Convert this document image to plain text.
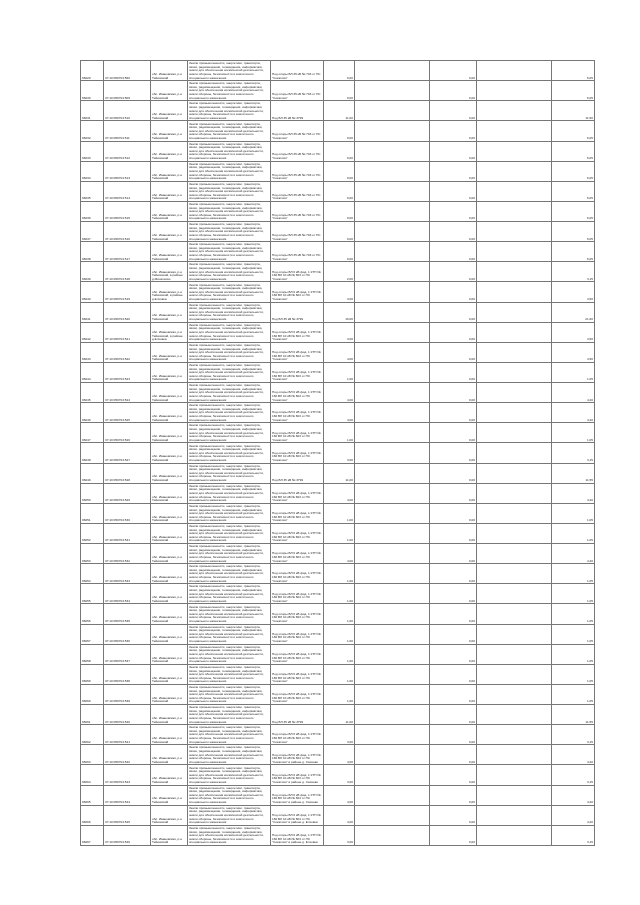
96029	37:10:050704:560	обл. Ивановская, р-н Тейковский	Земли промышленности, энергетики, транспорта, связи, радиовещания, телевидения, информатики, земли для обеспечения космической деятельности, земли обороны, безопасности и земли иного специального назначения	Под опоры ВЛ 35 кВ № 703 от ПС "Сокатово"	9,00		0,00		6,05
96030	37:10:050704:509	обл. Ивановская, р-н Тейковский	Земли промышленности, энергетики, транспорта, связи, радиовещания, телевидения, информатики, земли для обеспечения космической деятельности, земли обороны, безопасности и земли иного специального назначения	Под опоры ВЛ 35 кВ № 703 от ПС "Сокатово"	9,00		0,00		6,05
96031	37:10:050704:510	обл. Ивановская, р-н Тейковский	Земли промышленности, энергетики, транспорта, связи, радиовещания, телевидения, информатики, земли для обеспечения космической деятельности, земли обороны, безопасности и земли иного специального назначения	Под ВЛ 35 кВ № 3799	11,00		0,00		11,50
96032	37:10:050704:511	обл. Ивановская, р-н Тейковский	Земли промышленности, энергетики, транспорта, связи, радиовещания, телевидения, информатики, земли для обеспечения космической деятельности, земли обороны, безопасности и земли иного специального назначения	Под опоры ВЛ 35 кВ № 703 от ПС "Сокатово"	9,00		0,00		6,05
96033	37:10:050704:512	обл. Ивановская, р-н Тейковский	Земли промышленности, энергетики, транспорта, связи, радиовещания, телевидения, информатики, земли для обеспечения космической деятельности, земли обороны, безопасности и земли иного специального назначения	Под опоры ВЛ 35 кВ № 703 от ПС "Сокатово"	9,00		0,00		6,05
96034	37:10:050704:513	обл. Ивановская, р-н Тейковский	Земли промышленности, энергетики, транспорта, связи, радиовещания, телевидения, информатики, земли для обеспечения космической деятельности, земли обороны, безопасности и земли иного специального назначения	Под опоры ВЛ 35 кВ № 703 от ПС "Сокатово"	9,00		0,00		6,05
96035	37:10:050704:514	обл. Ивановская, р-н Тейковский	Земли промышленности, энергетики, транспорта, связи, радиовещания, телевидения, информатики, земли для обеспечения космической деятельности, земли обороны, безопасности и земли иного специального назначения	Под опоры ВЛ 35 кВ № 703 от ПС "Сокатово"	9,00		0,00		6,05
96036	37:10:050704:515	обл. Ивановская, р-н Тейковский	Земли промышленности, энергетики, транспорта, связи, радиовещания, телевидения, информатики, земли для обеспечения космической деятельности, земли обороны, безопасности и земли иного специального назначения	Под опоры ВЛ 35 кВ № 703 от ПС "Сокатово"	9,00		0,00		6,05
96037	37:10:050704:516	обл. Ивановская, р-н Тейковский	Земли промышленности, энергетики, транспорта, связи, радиовещания, телевидения, информатики, земли для обеспечения космической деятельности, земли обороны, безопасности и земли иного специального назначения	Под опоры ВЛ 35 кВ № 703 от ПС "Сокатово"	9,00		0,00		6,05
96038	37:10:050704:517	обл. Ивановская, р-н Тейковский	Земли промышленности, энергетики, транспорта, связи, радиовещания, телевидения, информатики, земли для обеспечения космической деятельности, земли обороны, безопасности и земли иного специального назначения	Под опоры ВЛ 35 кВ № 703 от ПС "Сокатово"	9,00		0,00		6,05
96039	37:10:050704:518	обл. Ивановская, р-н Тейковский, в районе д.Михалково	Земли промышленности, энергетики, транспорта, связи, радиовещания, телевидения, информатики, земли для обеспечения космической деятельности, земли обороны, безопасности и земли иного специального назначения	Под опоры ВЛ 6 кВ фид. 1 КТП № 160 ВЛ 10 кВ № 603 от ПС "Сокатово"	2,00		0,00		3,15
96040	37:10:050704:519	обл. Ивановская, р-н Тейковский, в районе д.Елховка	Земли промышленности, энергетики, транспорта, связи, радиовещания, телевидения, информатики, земли для обеспечения космической деятельности, земли обороны, безопасности и земли иного специального назначения	Под опоры ВЛ 6 кВ фид. 1 КТП № 160 ВЛ 10 кВ № 603 от ПС "Сокатово"	3,00		0,00		4,50
96041	37:10:050704:520	обл. Ивановская, р-н Тейковский	Земли промышленности, энергетики, транспорта, связи, радиовещания, телевидения, информатики, земли для обеспечения космической деятельности, земли обороны, безопасности и земли иного специального назначения	Под ВЛ 35 кВ № 3799	16,00		0,00		21,60
96042	37:10:050704:521	обл. Ивановская, р-н Тейковский, в районе д.Елховка	Земли промышленности, энергетики, транспорта, связи, радиовещания, телевидения, информатики, земли для обеспечения космической деятельности, земли обороны, безопасности и земли иного специального назначения	Под опоры ВЛ 6 кВ фид. 1 КТП № 160 ВЛ 10 кВ № 603 от ПС "Сокатово"	3,00		0,00		4,50
96043	37:10:050704:522	обл. Ивановская, р-н Тейковский	Земли промышленности, энергетики, транспорта, связи, радиовещания, телевидения, информатики, земли для обеспечения космической деятельности, земли обороны, безопасности и земли иного специального назначения	Под опоры ВЛ 6 кВ фид. 1 КТП № 160 ВЛ 10 кВ № 603 от ПС "Сокатово"	4,00		0,00		4,50
96044	37:10:050704:523	обл. Ивановская, р-н Тейковский	Земли промышленности, энергетики, транспорта, связи, радиовещания, телевидения, информатики, земли для обеспечения космической деятельности, земли обороны, безопасности и земли иного специального назначения	Под опоры ВЛ 6 кВ фид. 1 КТП № 160 ВЛ 10 кВ № 603 от ПС "Сокатово"	1,00		0,00		1,05
96045	37:10:050704:524	обл. Ивановская, р-н Тейковский	Земли промышленности, энергетики, транспорта, связи, радиовещания, телевидения, информатики, земли для обеспечения космической деятельности, земли обороны, безопасности и земли иного специального назначения	Под опоры ВЛ 6 кВ фид. 1 КТП № 160 ВЛ 10 кВ № 603 от ПС "Сокатово"	4,00		0,00		4,20
96046	37:10:050704:525	обл. Ивановская, р-н Тейковский	Земли промышленности, энергетики, транспорта, связи, радиовещания, телевидения, информатики, земли для обеспечения космической деятельности, земли обороны, безопасности и земли иного специального назначения	Под опоры ВЛ 6 кВ фид. 1 КТП № 160 ВЛ 10 кВ № 603 от ПС "Сокатово"	4,00		0,00		4,20
96047	37:10:050704:526	обл. Ивановская, р-н Тейковский	Земли промышленности, энергетики, транспорта, связи, радиовещания, телевидения, информатики, земли для обеспечения космической деятельности, земли обороны, безопасности и земли иного специального назначения	Под опоры ВЛ 6 кВ фид. 1 КТП № 160 ВЛ 10 кВ № 603 от ПС "Сокатово"	1,00		0,00		1,05
96048	37:10:050704:527	обл. Ивановская, р-н Тейковский	Земли промышленности, энергетики, транспорта, связи, радиовещания, телевидения, информатики, земли для обеспечения космической деятельности, земли обороны, безопасности и земли иного специального назначения	Под опоры ВЛ 6 кВ фид. 1 КТП № 160 ВЛ 10 кВ № 603 от ПС "Сокатово"	3,00		0,00		3,15
96049	37:10:050704:528	обл. Ивановская, р-н Тейковский	Земли промышленности, энергетики, транспорта, связи, радиовещания, телевидения, информатики, земли для обеспечения космической деятельности, земли обороны, безопасности и земли иного специального назначения	Под ВЛ 35 кВ № 3799	11,00		0,00		11,55
96050	37:10:050704:529	обл. Ивановская, р-н Тейковский	Земли промышленности, энергетики, транспорта, связи, радиовещания, телевидения, информатики, земли для обеспечения космической деятельности, земли обороны, безопасности и земли иного специального назначения	Под опоры ВЛ 6 кВ фид. 1 КТП № 160 ВЛ 10 кВ № 603 от ПС "Сокатово"	4,00		0,00		4,20
96051	37:10:050704:530	обл. Ивановская, р-н Тейковский	Земли промышленности, энергетики, транспорта, связи, радиовещания, телевидения, информатики, земли для обеспечения космической деятельности, земли обороны, безопасности и земли иного специального назначения	Под опоры ВЛ 6 кВ фид. 1 КТП № 160 ВЛ 10 кВ № 603 от ПС "Сокатово"	1,00		0,00		1,05
96052	37:10:050704:531	обл. Ивановская, р-н Тейковский	Земли промышленности, энергетики, транспорта, связи, радиовещания, телевидения, информатики, земли для обеспечения космической деятельности, земли обороны, безопасности и земли иного специального назначения	Под опоры ВЛ 6 кВ фид. 1 КТП № 160 ВЛ 10 кВ № 603 от ПС "Сокатово"	1,00		0,00		1,05
96053	37:10:050704:532	обл. Ивановская, р-н Тейковский	Земли промышленности, энергетики, транспорта, связи, радиовещания, телевидения, информатики, земли для обеспечения космической деятельности, земли обороны, безопасности и земли иного специального назначения	Под опоры ВЛ 6 кВ фид. 1 КТП № 160 ВЛ 10 кВ № 603 от ПС "Сокатово"	4,00		0,00		4,20
96054	37:10:050704:533	обл. Ивановская, р-н Тейковский	Земли промышленности, энергетики, транспорта, связи, радиовещания, телевидения, информатики, земли для обеспечения космической деятельности, земли обороны, безопасности и земли иного специального назначения	Под опоры ВЛ 6 кВ фид. 1 КТП № 160 ВЛ 10 кВ № 603 от ПС "Сокатово"	1,00		0,00		1,05
96055	37:10:050704:534	обл. Ивановская, р-н Тейковский	Земли промышленности, энергетики, транспорта, связи, радиовещания, телевидения, информатики, земли для обеспечения космической деятельности, земли обороны, безопасности и земли иного специального назначения	Под опоры ВЛ 6 кВ фид. 1 КТП № 160 ВЛ 10 кВ № 603 от ПС "Сокатово"	1,00		0,00		1,05
96056	37:10:050704:535	обл. Ивановская, р-н Тейковский	Земли промышленности, энергетики, транспорта, связи, радиовещания, телевидения, информатики, земли для обеспечения космической деятельности, земли обороны, безопасности и земли иного специального назначения	Под опоры ВЛ 6 кВ фид. 1 КТП № 160 ВЛ 10 кВ № 603 от ПС "Сокатово"	1,00		0,00		1,05
96057	37:10:050704:536	обл. Ивановская, р-н Тейковский	Земли промышленности, энергетики, транспорта, связи, радиовещания, телевидения, информатики, земли для обеспечения космической деятельности, земли обороны, безопасности и земли иного специального назначения	Под опоры ВЛ 6 кВ фид. 1 КТП № 160 ВЛ 10 кВ № 603 от ПС "Сокатово"	1,00		0,00		1,05
96058	37:10:050704:537	обл. Ивановская, р-н Тейковский	Земли промышленности, энергетики, транспорта, связи, радиовещания, телевидения, информатики, земли для обеспечения космической деятельности, земли обороны, безопасности и земли иного специального назначения	Под опоры ВЛ 6 кВ фид. 1 КТП № 160 ВЛ 10 кВ № 603 от ПС "Сокатово"	1,00		0,00		1,05
96059	37:10:050704:538	обл. Ивановская, р-н Тейковский	Земли промышленности, энергетики, транспорта, связи, радиовещания, телевидения, информатики, земли для обеспечения космической деятельности, земли обороны, безопасности и земли иного специального назначения	Под опоры ВЛ 6 кВ фид. 1 КТП № 160 ВЛ 10 кВ № 603 от ПС "Сокатово"	1,00		0,00		1,05
96060	37:10:050704:539	обл. Ивановская, р-н Тейковский	Земли промышленности, энергетики, транспорта, связи, радиовещания, телевидения, информатики, земли для обеспечения космической деятельности, земли обороны, безопасности и земли иного специального назначения	Под опоры ВЛ 6 кВ фид. 1 КТП № 160 ВЛ 10 кВ № 603 от ПС "Сокатово"	1,00		0,00		1,05
96061	37:10:050704:540	обл. Ивановская, р-н Тейковский	Земли промышленности, энергетики, транспорта, связи, радиовещания, телевидения, информатики, земли для обеспечения космической деятельности, земли обороны, безопасности и земли иного специального назначения	Под ВЛ 35 кВ № 3799	11,00		0,00		11,55
96062	37:10:050704:541	обл. Ивановская, р-н Тейковский	Земли промышленности, энергетики, транспорта, связи, радиовещания, телевидения, информатики, земли для обеспечения космической деятельности, земли обороны, безопасности и земли иного специального назначения	Под опоры ВЛ 6 кВ фид. 1 КТП № 160 ВЛ 10 кВ № 603 от ПС "Сокатово"	3,00		0,00		3,15
96063	37:10:050704:542	обл. Ивановская, р-н Тейковский	Земли промышленности, энергетики, транспорта, связи, радиовещания, телевидения, информатики, земли для обеспечения космической деятельности, земли обороны, безопасности и земли иного специального назначения	Под опоры ВЛ 6 кВ фид. 1 КТП № 160 ВЛ 10 кВ № 603 от ПС "Сокатово" в районе д. Сахнево	4,00		0,00		4,20
96064	37:10:050704:543	обл. Ивановская, р-н Тейковский	Земли промышленности, энергетики, транспорта, связи, радиовещания, телевидения, информатики, земли для обеспечения космической деятельности, земли обороны, безопасности и земли иного специального назначения	Под опоры ВЛ 6 кВ фид. 1 КТП № 160 ВЛ 10 кВ № 603 от ПС "Сокатово" в районе д. Сахнево	3,00		0,00		3,15
96065	37:10:050704:544	обл. Ивановская, р-н Тейковский	Земли промышленности, энергетики, транспорта, связи, радиовещания, телевидения, информатики, земли для обеспечения космической деятельности, земли обороны, безопасности и земли иного специального назначения	Под опоры ВЛ 6 кВ фид. 1 КТП № 160 ВЛ 10 кВ № 603 от ПС "Сокатово" в районе д. Сахнево	4,00		0,00		4,20
96066	37:10:050704:545	обл. Ивановская, р-н Тейковский	Земли промышленности, энергетики, транспорта, связи, радиовещания, телевидения, информатики, земли для обеспечения космической деятельности, земли обороны, безопасности и земли иного специального назначения	Под опоры ВЛ 6 кВ фид. 1 КТП № 160 ВЛ 10 кВ № 603 от ПС "Сокатово" в районе д. Елховка	4,00		0,00		4,20
96067	37:10:050704:546	обл. Ивановская, р-н Тейковский	Земли промышленности, энергетики, транспорта, связи, радиовещания, телевидения, информатики, земли для обеспечения космической деятельности, земли обороны, безопасности и земли иного специального назначения	Под опоры ВЛ 6 кВ фид. 1 КТП № 160 ВЛ 10 кВ № 603 от ПС "Сокатово" в районе д. Елховка	3,00		0,00		3,15
